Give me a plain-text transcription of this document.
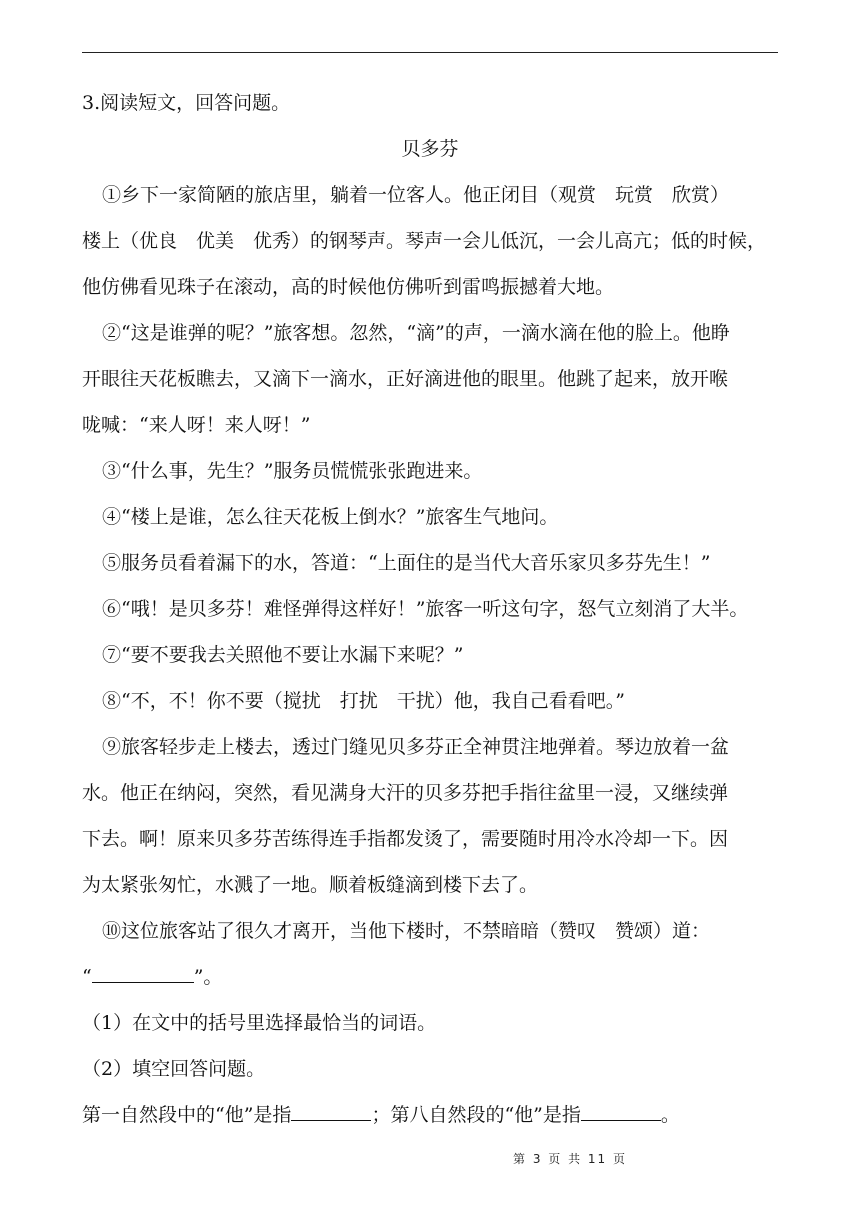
3.阅读短文，回答问题。
贝多芬
①乡下一家简陋的旅店里，躺着一位客人。他正闭目（观赏　玩赏　欣赏）
楼上（优良　优美　优秀）的钢琴声。琴声一会儿低沉，一会儿高亢；低的时候，
他仿佛看见珠子在滚动，高的时候他仿佛听到雷鸣振撼着大地。
②“这是谁弹的呢？”旅客想。忽然，“滴”的声，一滴水滴在他的脸上。他睁
开眼往天花板瞧去，又滴下一滴水，正好滴进他的眼里。他跳了起来，放开喉
咙喊：“来人呀！来人呀！”
③“什么事，先生？”服务员慌慌张张跑进来。
④“楼上是谁，怎么往天花板上倒水？”旅客生气地问。
⑤服务员看着漏下的水，答道：“上面住的是当代大音乐家贝多芬先生！”
⑥“哦！是贝多芬！难怪弹得这样好！”旅客一听这句字，怒气立刻消了大半。
⑦“要不要我去关照他不要让水漏下来呢？”
⑧“不，不！你不要（搅扰　打扰　干扰）他，我自己看看吧。”
⑨旅客轻步走上楼去，透过门缝见贝多芬正全神贯注地弹着。琴边放着一盆
水。他正在纳闷，突然，看见满身大汗的贝多芬把手指往盆里一浸，又继续弹
下去。啊！原来贝多芬苦练得连手指都发烫了，需要随时用冷水冷却一下。因
为太紧张匆忙，水溅了一地。顺着板缝滴到楼下去了。
⑩这位旅客站了很久才离开，当他下楼时，不禁暗暗（赞叹　赞颂）道：
“	”。
（1）在文中的括号里选择最恰当的词语。
（2）填空回答问题。
第一自然段中的“他”是指	；第八自然段的“他”是指	。
第 3 页 共 11 页
